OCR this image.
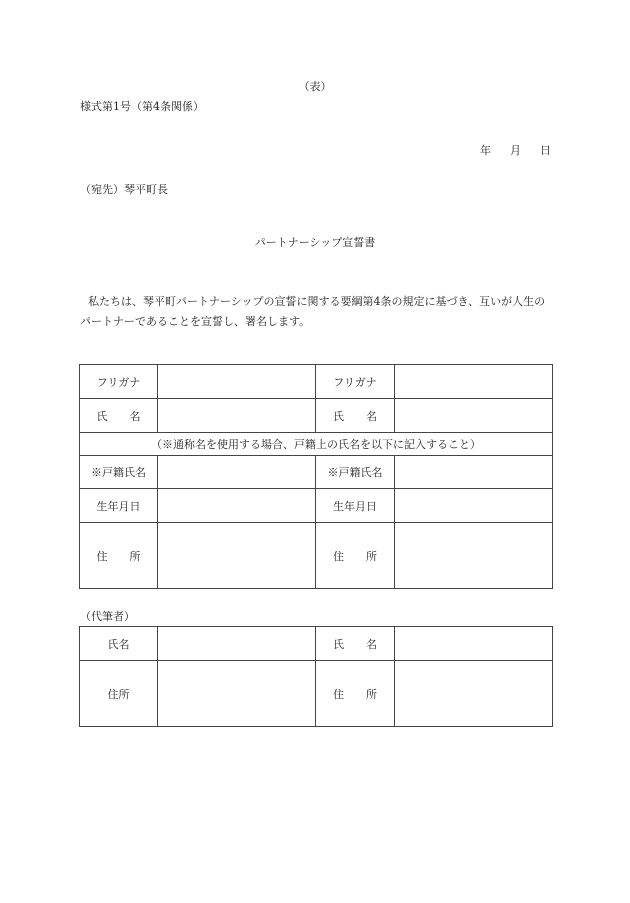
（表）
様式第1号（第4条関係）
年 月 日
（宛先）琴平町長
パートナーシップ宣誓書
私たちは、琴平町パートナーシップの宣誓に関する要綱第4条の規定に基づき、互いが人生のパートナーであることを宣誓し、署名します。
フリガナ		フリガナ	
氏　　名		氏　　名	
（※通称名を使用する場合、戸籍上の氏名を以下に記入すること）			
※戸籍氏名		※戸籍氏名	
生年月日		生年月日	
住　　所		住　　所	
（代筆者）
氏名		氏　　名	
住所		住　　所	
